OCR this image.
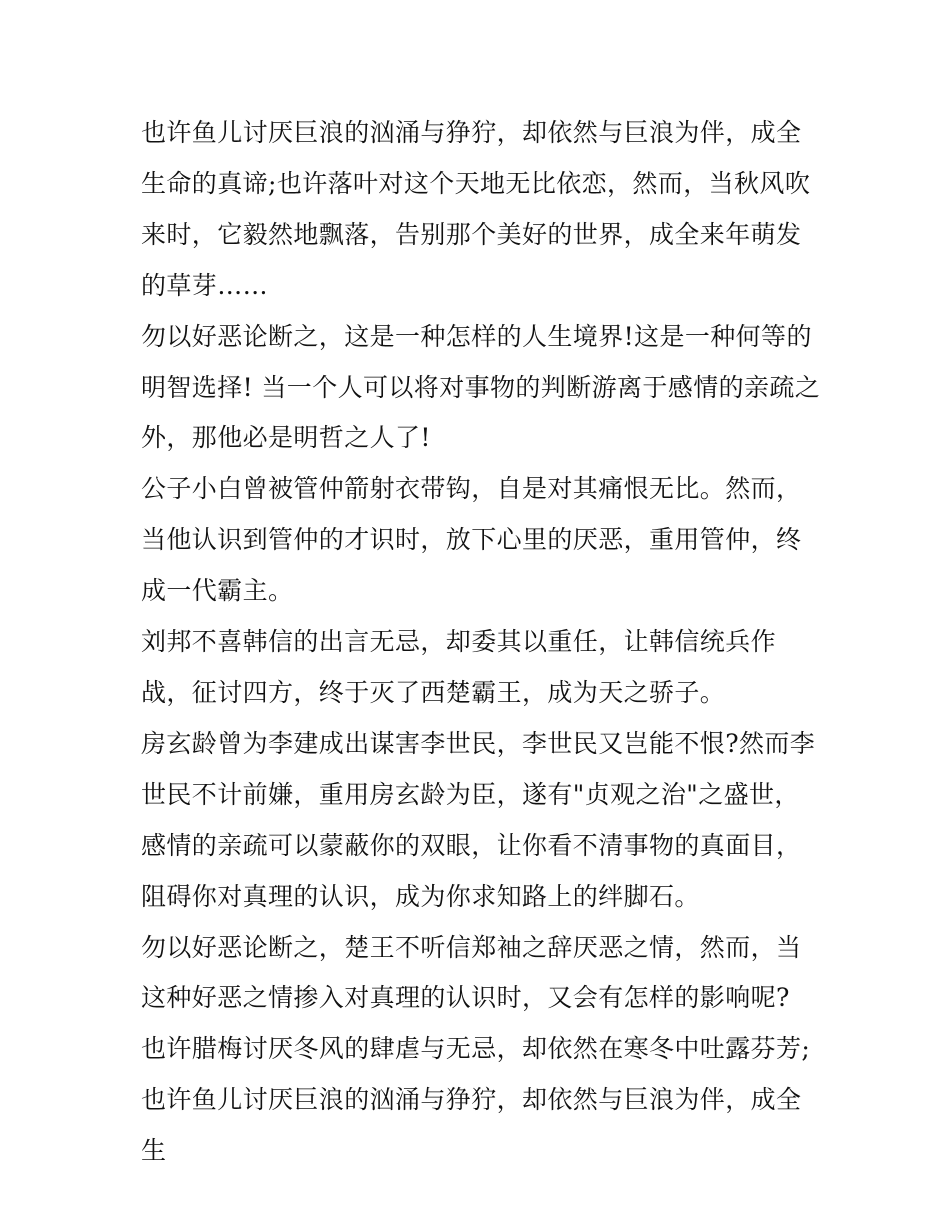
也许鱼儿讨厌巨浪的汹涌与狰狞，却依然与巨浪为伴，成全生命的真谛;也许落叶对这个天地无比依恋，然而，当秋风吹来时，它毅然地飘落，告别那个美好的世界，成全来年萌发的草芽……

勿以好恶论断之，这是一种怎样的人生境界!这是一种何等的明智选择! 当一个人可以将对事物的判断游离于感情的亲疏之外，那他必是明哲之人了!

公子小白曾被管仲箭射衣带钩，自是对其痛恨无比。然而，当他认识到管仲的才识时，放下心里的厌恶，重用管仲，终成一代霸主。

刘邦不喜韩信的出言无忌，却委其以重任，让韩信统兵作战，征讨四方，终于灭了西楚霸王，成为天之骄子。

房玄龄曾为李建成出谋害李世民，李世民又岂能不恨?然而李世民不计前嫌，重用房玄龄为臣，遂有"贞观之治"之盛世，感情的亲疏可以蒙蔽你的双眼，让你看不清事物的真面目，阻碍你对真理的认识，成为你求知路上的绊脚石。

勿以好恶论断之，楚王不听信郑袖之辞厌恶之情，然而，当这种好恶之情掺入对真理的认识时，又会有怎样的影响呢?

也许腊梅讨厌冬风的肆虐与无忌，却依然在寒冬中吐露芬芳;

也许鱼儿讨厌巨浪的汹涌与狰狞，却依然与巨浪为伴，成全生
